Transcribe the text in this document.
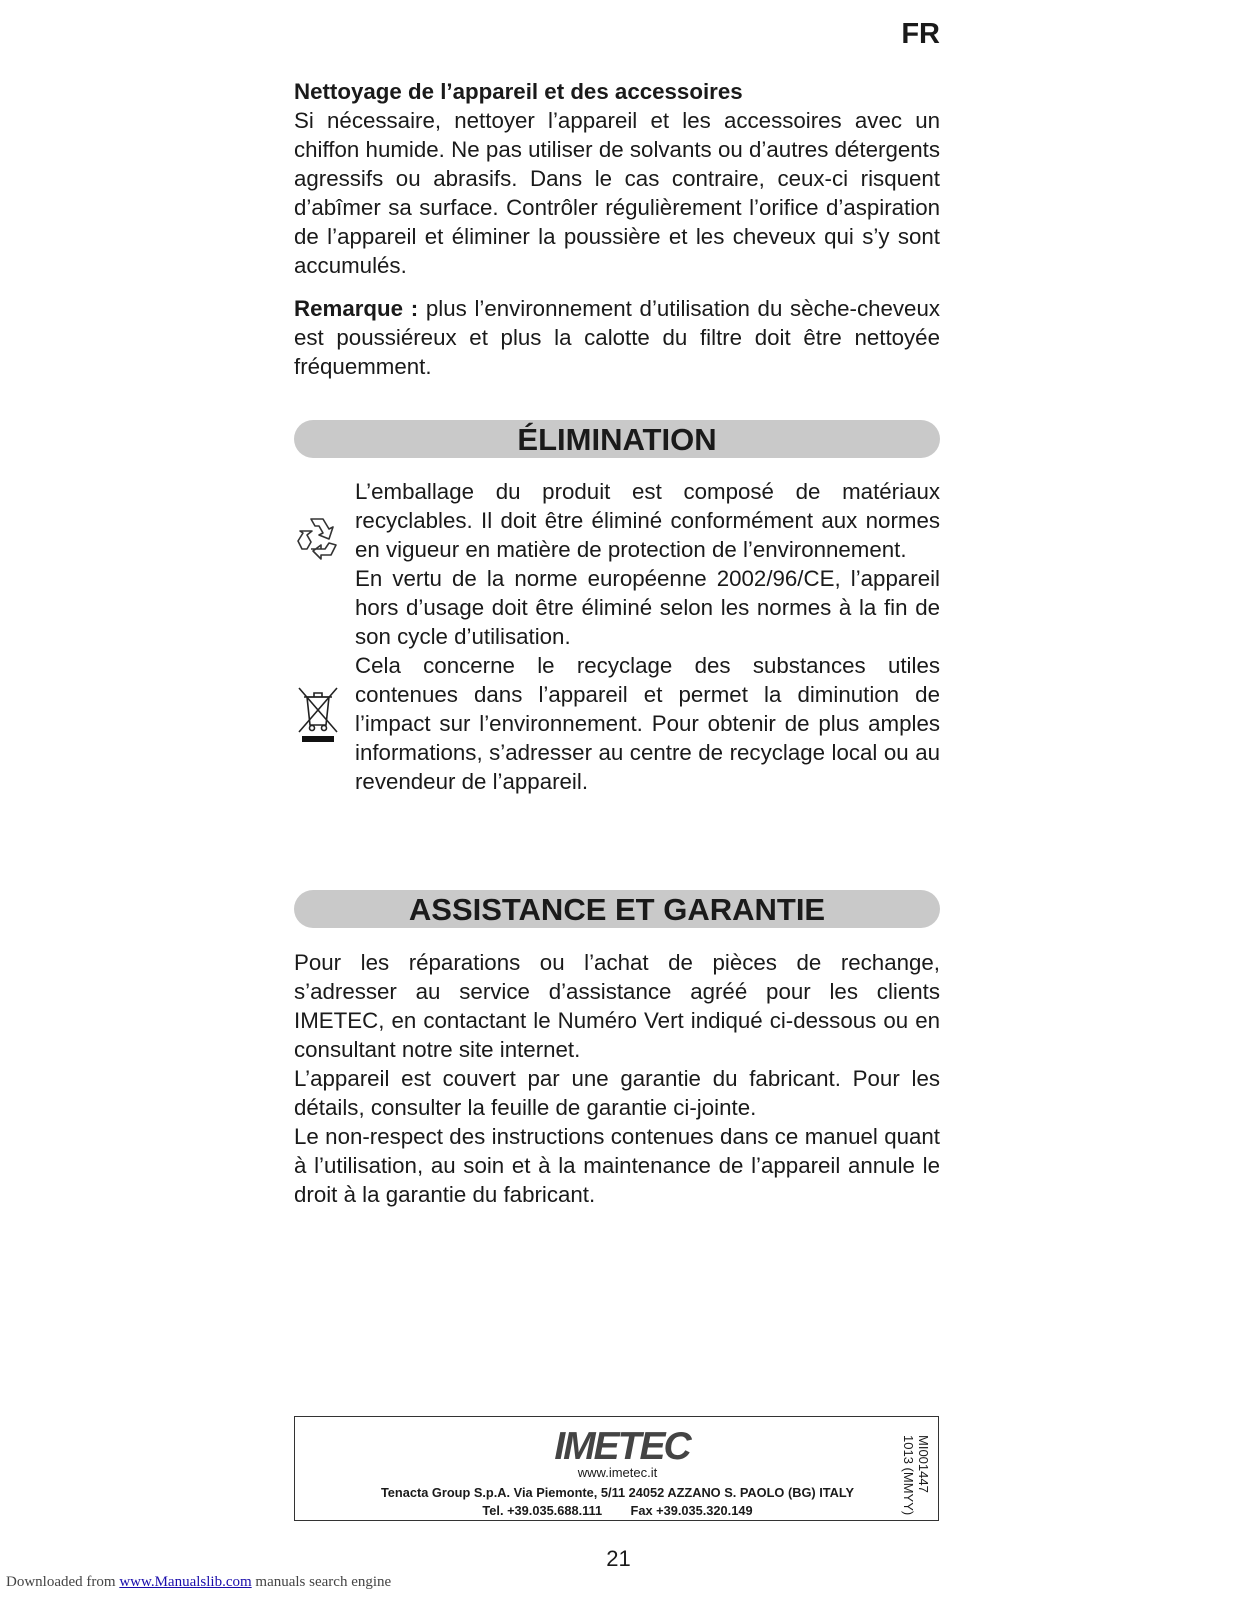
FR

Nettoyage de l’appareil et des accessoires

Si nécessaire, nettoyer l’appareil et les accessoires avec un chiffon humide. Ne pas utiliser de solvants ou d’autres détergents agressifs ou abrasifs. Dans le cas contraire, ceux-ci risquent d’abîmer sa surface. Contrôler régulièrement l’orifice d’aspiration de l’appareil et éliminer la poussière et les cheveux qui s’y sont accumulés.

Remarque : plus l’environnement d’utilisation du sèche-cheveux est poussiéreux et plus la calotte du filtre doit être nettoyée fréquemment.

ÉLIMINATION

L’emballage du produit est composé de matériaux recyclables. Il doit être éliminé conformément aux normes en vigueur en matière de protection de l’environnement.

En vertu de la norme européenne 2002/96/CE, l’appareil hors d’usage doit être éliminé selon les normes à la fin de son cycle d’utilisation.

Cela concerne le recyclage des substances utiles contenues dans l’appareil et permet la diminution de l’impact sur l’environnement. Pour obtenir de plus amples informations, s’adresser au centre de recyclage local ou au revendeur de l’appareil.

ASSISTANCE ET GARANTIE

Pour les réparations ou l’achat de pièces de rechange, s’adresser au service d’assistance agréé pour les clients IMETEC, en contactant le Numéro Vert indiqué ci-dessous ou en consultant notre site internet.

L’appareil est couvert par une garantie du fabricant. Pour les détails, consulter la feuille de garantie ci-jointe.

Le non-respect des instructions contenues dans ce manuel quant à l’utilisation, au soin et à la maintenance de l’appareil annule le droit à la garantie du fabricant.

IMETEC
www.imetec.it
Tenacta Group S.p.A. Via Piemonte, 5/11 24052 AZZANO S. PAOLO (BG) ITALY
Tel. +39.035.688.111        Fax +39.035.320.149
MI001447
1013 (MMYY)
21
Downloaded from www.Manualslib.com manuals search engine
